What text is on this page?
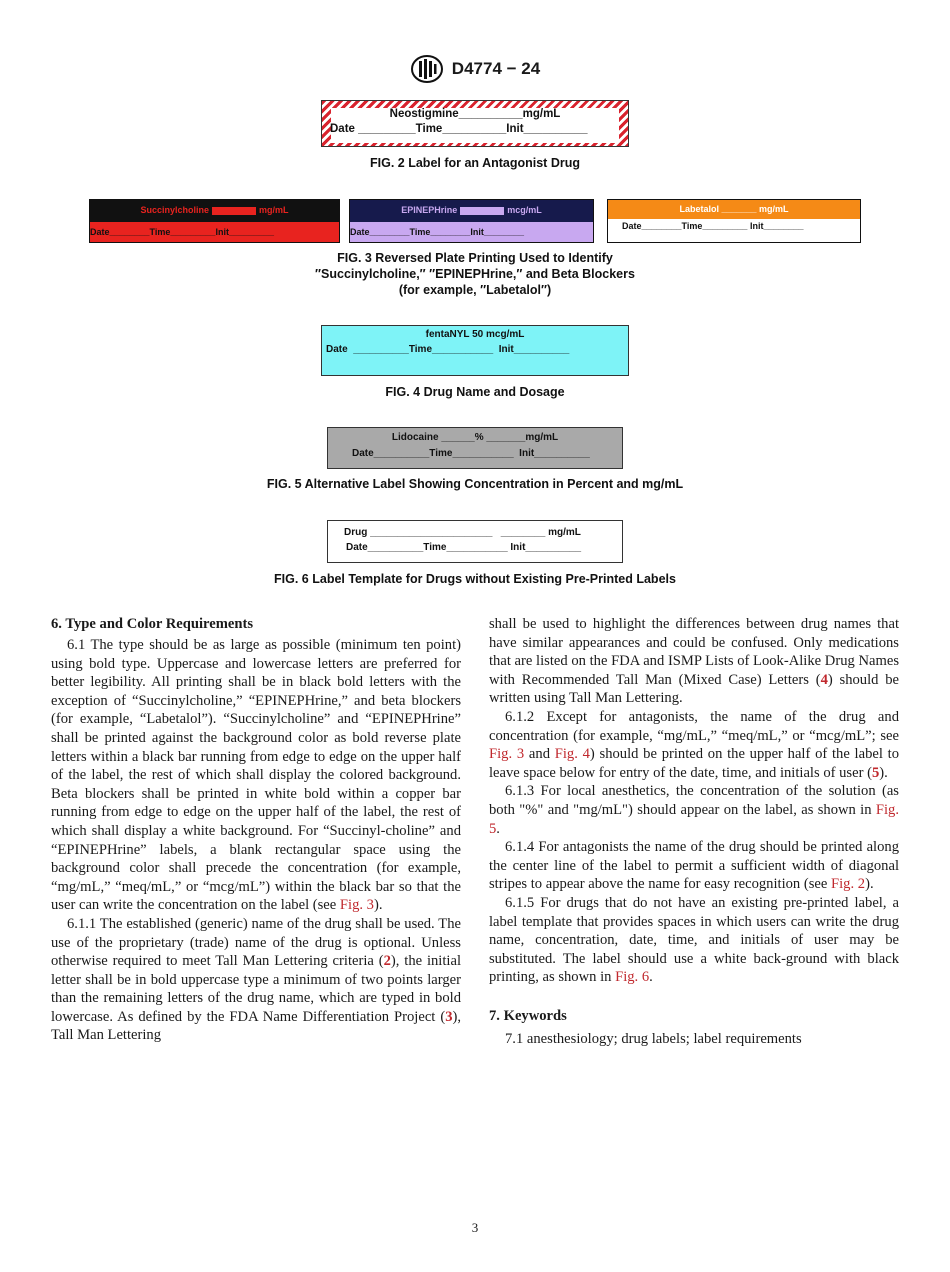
D4774 − 24
Neostigmine__________mg/mL
Date _________Time__________Init__________
FIG. 2 Label for an Antagonist Drug
Succinylcholine	mg/mL
Date________Time_________Init_________
EPINEPHrine	mcg/mL
Date________Time________Init________
Labetalol _______ mg/mL
Date________Time_________ Init________
FIG. 3 Reversed Plate Printing Used to Identify
″Succinylcholine,″ ″EPINEPHrine,″ and Beta Blockers
(for example, ″Labetalol″)
fentaNYL 50 mcg/mL
Date  __________Time___________  Init__________
FIG. 4 Drug Name and Dosage
Lidocaine ______% _______mg/mL
Date__________Time___________  Init__________
FIG. 5 Alternative Label Showing Concentration in Percent and mg/mL
Drug ______________________   ________ mg/mL
Date__________Time___________ Init__________
FIG. 6 Label Template for Drugs without Existing Pre-Printed Labels
6. Type and Color Requirements

6.1 The type should be as large as possible (minimum ten point) using bold type. Uppercase and lowercase letters are preferred for better legibility. All printing shall be in black bold letters with the exception of “Succinylcholine,” “EPINEPHrine,” and beta blockers (for example, “Labetalol”). “Succinylcholine” and “EPINEPHrine” shall be printed against the background color as bold reverse plate letters within a black bar running from edge to edge on the upper half of the label, the rest of which shall display the colored background. Beta blockers shall be printed in white bold within a copper bar running from edge to edge on the upper half of the label, the rest of which shall display a white background. For “Succinyl-choline” and “EPINEPHrine” labels, a blank rectangular space using the background color shall precede the concentration (for example, “mg/mL,” “meq/mL,” or “mcg/mL”) within the black bar so that the user can write the concentration on the label (see Fig. 3).

6.1.1 The established (generic) name of the drug shall be used. The use of the proprietary (trade) name of the drug is optional. Unless otherwise required to meet Tall Man Lettering criteria (2), the initial letter shall be in bold uppercase type a minimum of two points larger than the remaining letters of the drug name, which are typed in bold lowercase. As defined by the FDA Name Differentiation Project (3), Tall Man Lettering

shall be used to highlight the differences between drug names that have similar appearances and could be confused. Only medications that are listed on the FDA and ISMP Lists of Look-Alike Drug Names with Recommended Tall Man (Mixed Case) Letters (4) should be written using Tall Man Lettering.

6.1.2 Except for antagonists, the name of the drug and concentration (for example, “mg/mL,” “meq/mL,” or “mcg/mL”; see Fig. 3 and Fig. 4) should be printed on the upper half of the label to leave space below for entry of the date, time, and initials of user (5).

6.1.3 For local anesthetics, the concentration of the solution (as both "%" and "mg/mL") should appear on the label, as shown in Fig. 5.

6.1.4 For antagonists the name of the drug should be printed along the center line of the label to permit a sufficient width of diagonal stripes to appear above the name for easy recognition (see Fig. 2).

6.1.5 For drugs that do not have an existing pre-printed label, a label template that provides spaces in which users can write the drug name, concentration, date, time, and initials of user may be substituted. The label should use a white back-ground with black printing, as shown in Fig. 6.

7. Keywords

7.1 anesthesiology; drug labels; label requirements

3
